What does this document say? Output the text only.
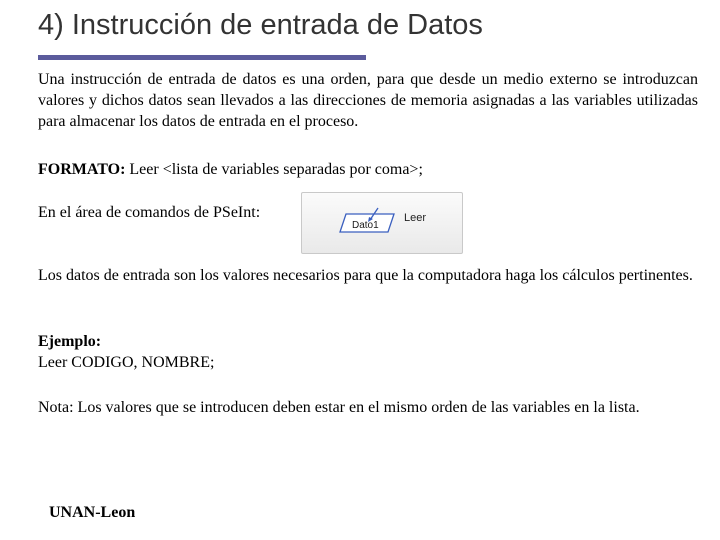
4) Instrucción de entrada de Datos

Una instrucción de entrada de datos es una orden, para que desde un medio externo se introduzcan valores y dichos datos sean llevados a las direcciones de memoria asignadas a las variables utilizadas para almacenar los datos de entrada en el proceso.

FORMATO: Leer <lista de variables separadas por coma>;

En el área de comandos de PSeInt:

Dato1
Leer

Los datos de entrada son los valores necesarios para que la computadora haga los cálculos pertinentes.

Ejemplo:
Leer CODIGO, NOMBRE;

Nota: Los valores que se introducen deben estar en el mismo orden de las variables en la lista.

UNAN-Leon
